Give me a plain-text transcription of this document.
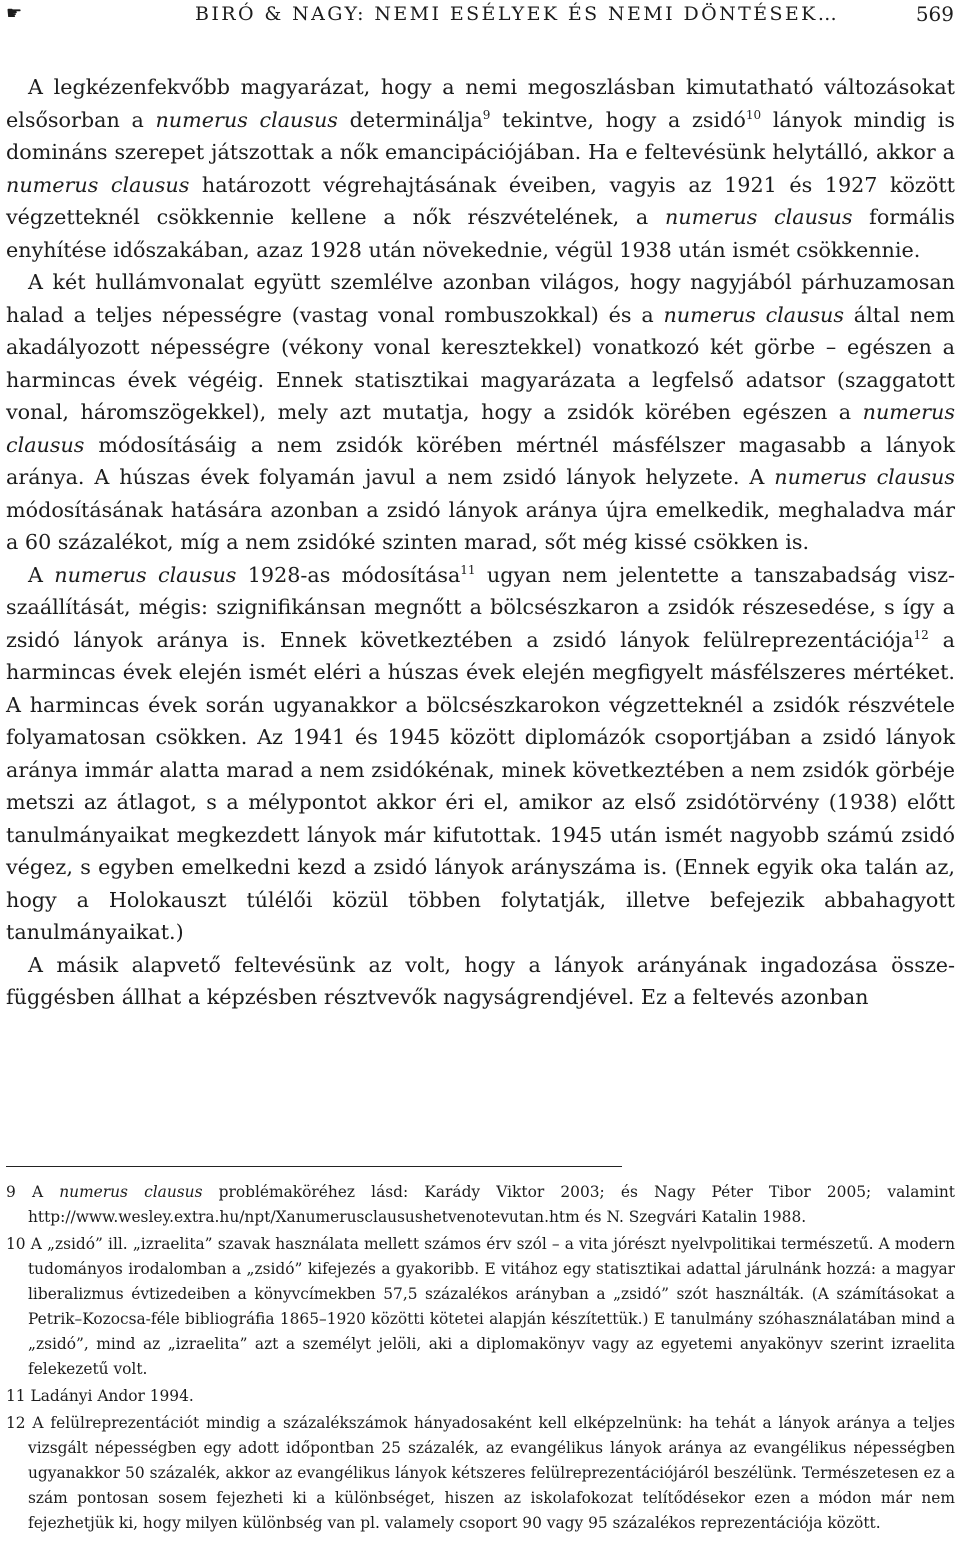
☛	BIRÓ & NAGY: NEMI ESÉLYEK ÉS NEMI DÖNTÉSEK…	569

A legkézenfekvőbb magyarázat, hogy a nemi megoszlásban kimutatható változásokat elsősorban a numerus clausus determinálja$^9$ tekintve, hogy a zsidó$^{10}$ lányok mindig is domináns szerepet játszottak a nők emancipációjában. Ha e feltevésünk helytálló, akkor a numerus clausus határozott végrehajtásának éveiben, vagyis az 1921 és 1927 között végzetteknél csökkennie kellene a nők részvételének, a numerus clausus formális enyhítése időszakában, azaz 1928 után növekednie, végül 1938 után ismét csökkennie.

A két hullámvonalat együtt szemlélve azonban világos, hogy nagyjából párhuzamosan halad a teljes népességre (vastag vonal rombuszokkal) és a numerus clausus által nem akadályozott népességre (vékony vonal keresztekkel) vonatkozó két görbe – egészen a harmincas évek végéig. Ennek statisztikai magyarázata a legfelső adatsor (szaggatott vonal, háromszögekkel), mely azt mutatja, hogy a zsidók körében egészen a numerus clausus módosításáig a nem zsidók körében mértnél másfélszer magasabb a lányok aránya. A húszas évek folyamán javul a nem zsidó lányok helyzete. A numerus clausus módosításának hatására azonban a zsidó lányok aránya újra emelkedik, meghaladva már a 60 százalékot, míg a nem zsidóké szinten marad, sőt még kissé csökken is.

A numerus clausus 1928-as módosítása$^{11}$ ugyan nem jelentette a tanszabadság viszszaállítását, mégis: szignifikánsan megnőtt a bölcsészkaron a zsidók részesedése, s így a zsidó lányok aránya is. Ennek következtében a zsidó lányok felülreprezentációja$^{12}$ a harmincas évek elején ismét eléri a húszas évek elején megfigyelt másfélszeres mértéket. A harmincas évek során ugyanakkor a bölcsészkarokon végzetteknél a zsidók részvétele folyamatosan csökken. Az 1941 és 1945 között diplomázók csoportjában a zsidó lányok aránya immár alatta marad a nem zsidókénak, minek következtében a nem zsidók görbéje metszi az átlagot, s a mélypontot akkor éri el, amikor az első zsidótörvény (1938) előtt tanulmányaikat megkezdett lányok már kifutottak. 1945 után ismét nagyobb számú zsidó végez, s egyben emelkedni kezd a zsidó lányok arányszáma is. (Ennek egyik oka talán az, hogy a Holokauszt túlélői közül többen folytatják, illetve befejezik abbahagyott tanulmányaikat.)

A másik alapvető feltevésünk az volt, hogy a lányok arányának ingadozása összefüggésben állhat a képzésben résztvevők nagyságrendjével. Ez a feltevés azonban

9 A numerus clausus problémaköréhez lásd: Karády Viktor 2003; és Nagy Péter Tibor 2005; valamint http://www.wesley.extra.hu/npt/Xanumerusclausushetvenotevutan.htm és N. Szegvári Katalin 1988.

10 A „zsidó” ill. „izraelita” szavak használata mellett számos érv szól – a vita jórészt nyelvpolitikai természetű. A modern tudományos irodalomban a „zsidó” kifejezés a gyakoribb. E vitához egy statisztikai adattal járulnánk hozzá: a magyar liberalizmus évtizedeiben a könyvcímekben 57,5 százalékos arányban a „zsidó” szót használták. (A számításokat a Petrik–Kozocsa-féle bibliográfia 1865–1920 közötti kötetei alapján készítettük.) E tanulmány szóhasználatában mind a „zsidó”, mind az „izraelita” azt a személyt jelöli, aki a diplomakönyv vagy az egyetemi anyakönyv szerint izraelita felekezetű volt.

11 Ladányi Andor 1994.

12 A felülreprezentációt mindig a százalékszámok hányadosaként kell elképzelnünk: ha tehát a lányok aránya a teljes vizsgált népességben egy adott időpontban 25 százalék, az evangélikus lányok aránya az evangélikus népességben ugyanakkor 50 százalék, akkor az evangélikus lányok kétszeres felülreprezentációjáról beszélünk. Természetesen ez a szám pontosan sosem fejezheti ki a különbséget, hiszen az iskolafokozat telítődésekor ezen a módon már nem fejezhetjük ki, hogy milyen különbség van pl. valamely csoport 90 vagy 95 százalékos reprezentációja között.
